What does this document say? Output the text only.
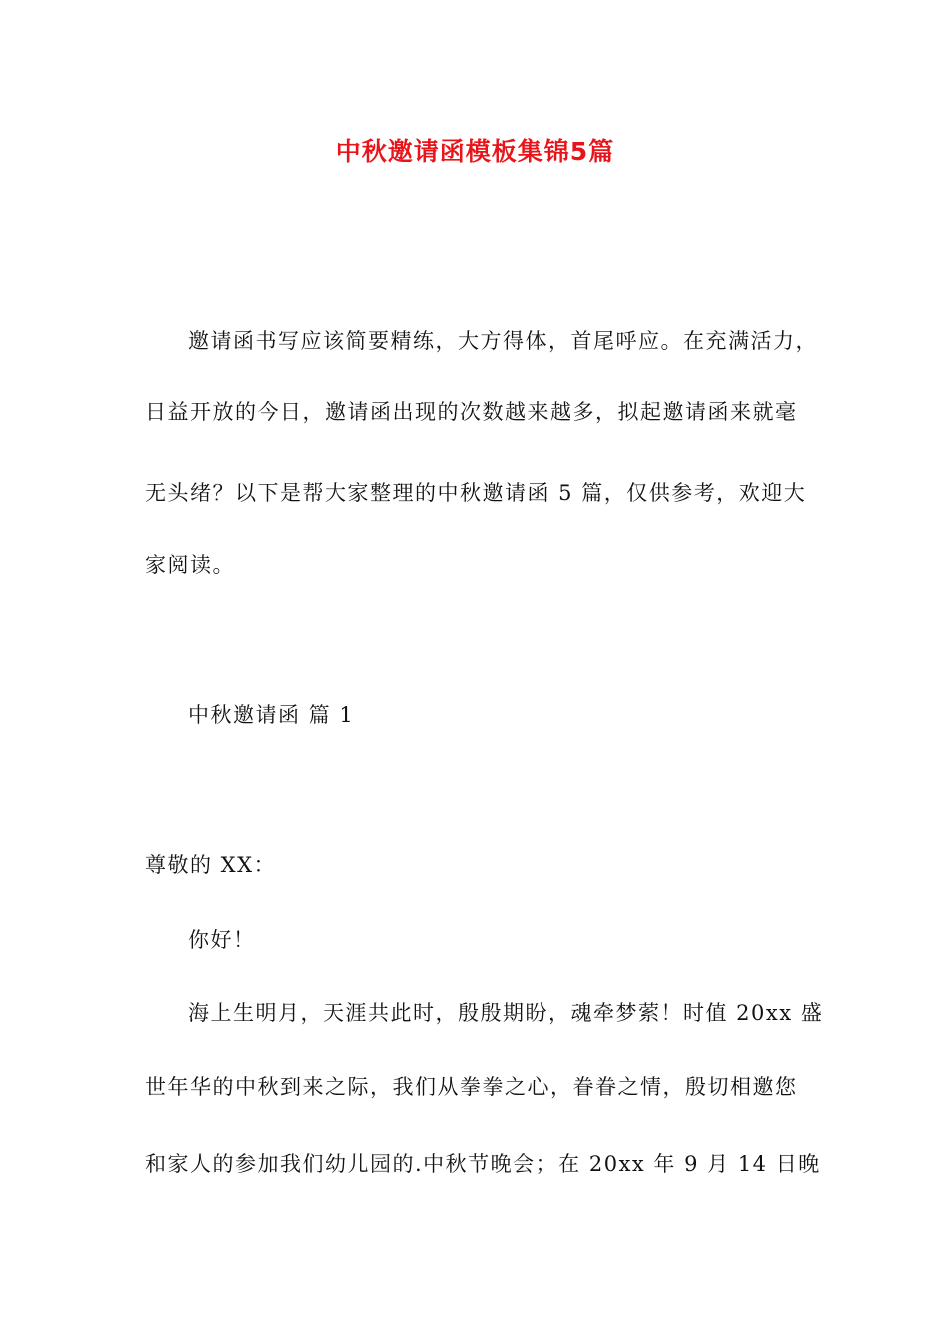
中秋邀请函模板集锦5篇
邀请函书写应该简要精练，大方得体，首尾呼应。在充满活力，
日益开放的今日，邀请函出现的次数越来越多，拟起邀请函来就毫
无头绪？以下是帮大家整理的中秋邀请函 5 篇，仅供参考，欢迎大
家阅读。
中秋邀请函 篇 1
尊敬的 XX：
你好！
海上生明月，天涯共此时，殷殷期盼，魂牵梦萦！时值 20xx 盛
世年华的中秋到来之际，我们从拳拳之心，眷眷之情，殷切相邀您
和家人的参加我们幼儿园的.中秋节晚会；在 20xx 年 9 月 14 日晚
